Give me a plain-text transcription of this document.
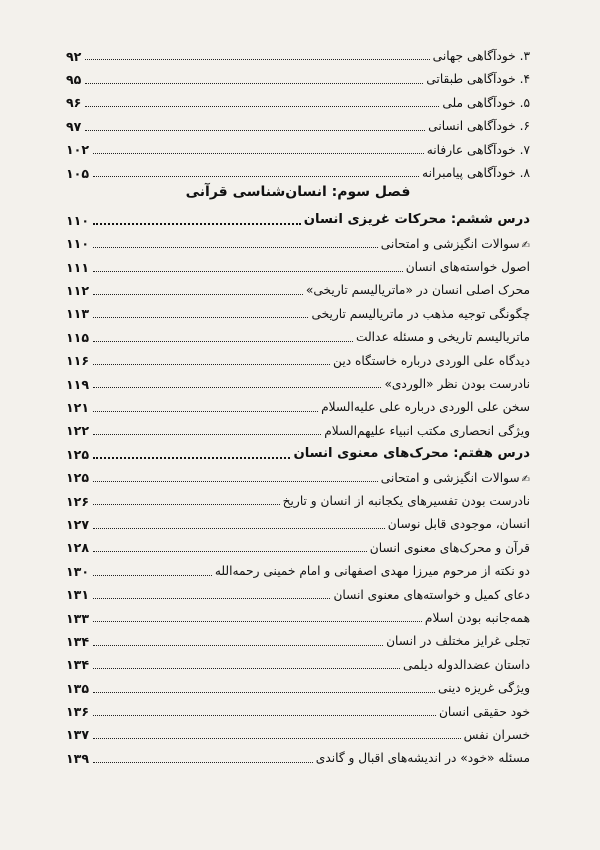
۳. خودآگاهی جهانی
۹۲
۴. خودآگاهی طبقاتی
۹۵
۵. خودآگاهی ملی
۹۶
۶. خودآگاهی انسانی
۹۷
۷. خودآگاهی عارفانه
۱۰۲
۸. خودآگاهی پیامبرانه
۱۰۵
فصل سوم: انسان‌شناسی قرآنی
درس ششم: محرکات غریزی انسان
۱۱۰
✍سوالات انگیزشی و امتحانی
۱۱۰
اصول خواسته‌های انسان
۱۱۱
محرک اصلی انسان در «ماتریالیسم تاریخی»
۱۱۲
چگونگی توجیه مذهب در ماتریالیسم تاریخی
۱۱۳
ماتریالیسم تاریخی و مسئله عدالت
۱۱۵
دیدگاه علی الوردی درباره خاستگاه دین
۱۱۶
نادرست بودن نظر «الوردی»
۱۱۹
سخن علی الوردی درباره علی عليه‌السلام
۱۲۱
ویژگی انحصاری مکتب انبیاء عليهم‌السلام
۱۲۲
درس هفتم: محرک‌های معنوی انسان
۱۲۵
✍سوالات انگیزشی و امتحانی
۱۲۵
نادرست بودن تفسیرهای یکجانبه از انسان و تاریخ
۱۲۶
انسان، موجودی قابل نوسان
۱۲۷
قرآن و محرک‌های معنوی انسان
۱۲۸
دو نکته از مرحوم میرزا مهدی اصفهانی و امام خمینی رحمه‌الله
۱۳۰
دعای کمیل و خواسته‌های معنوی انسان
۱۳۱
همه‌جانبه بودن اسلام
۱۳۳
تجلی غرایز مختلف در انسان
۱۳۴
داستان عضدالدوله دیلمی
۱۳۴
ویژگی غریزه دینی
۱۳۵
خود حقیقی انسان
۱۳۶
خسران نفس
۱۳۷
مسئله «خود» در اندیشه‌های اقبال و گاندی
۱۳۹
